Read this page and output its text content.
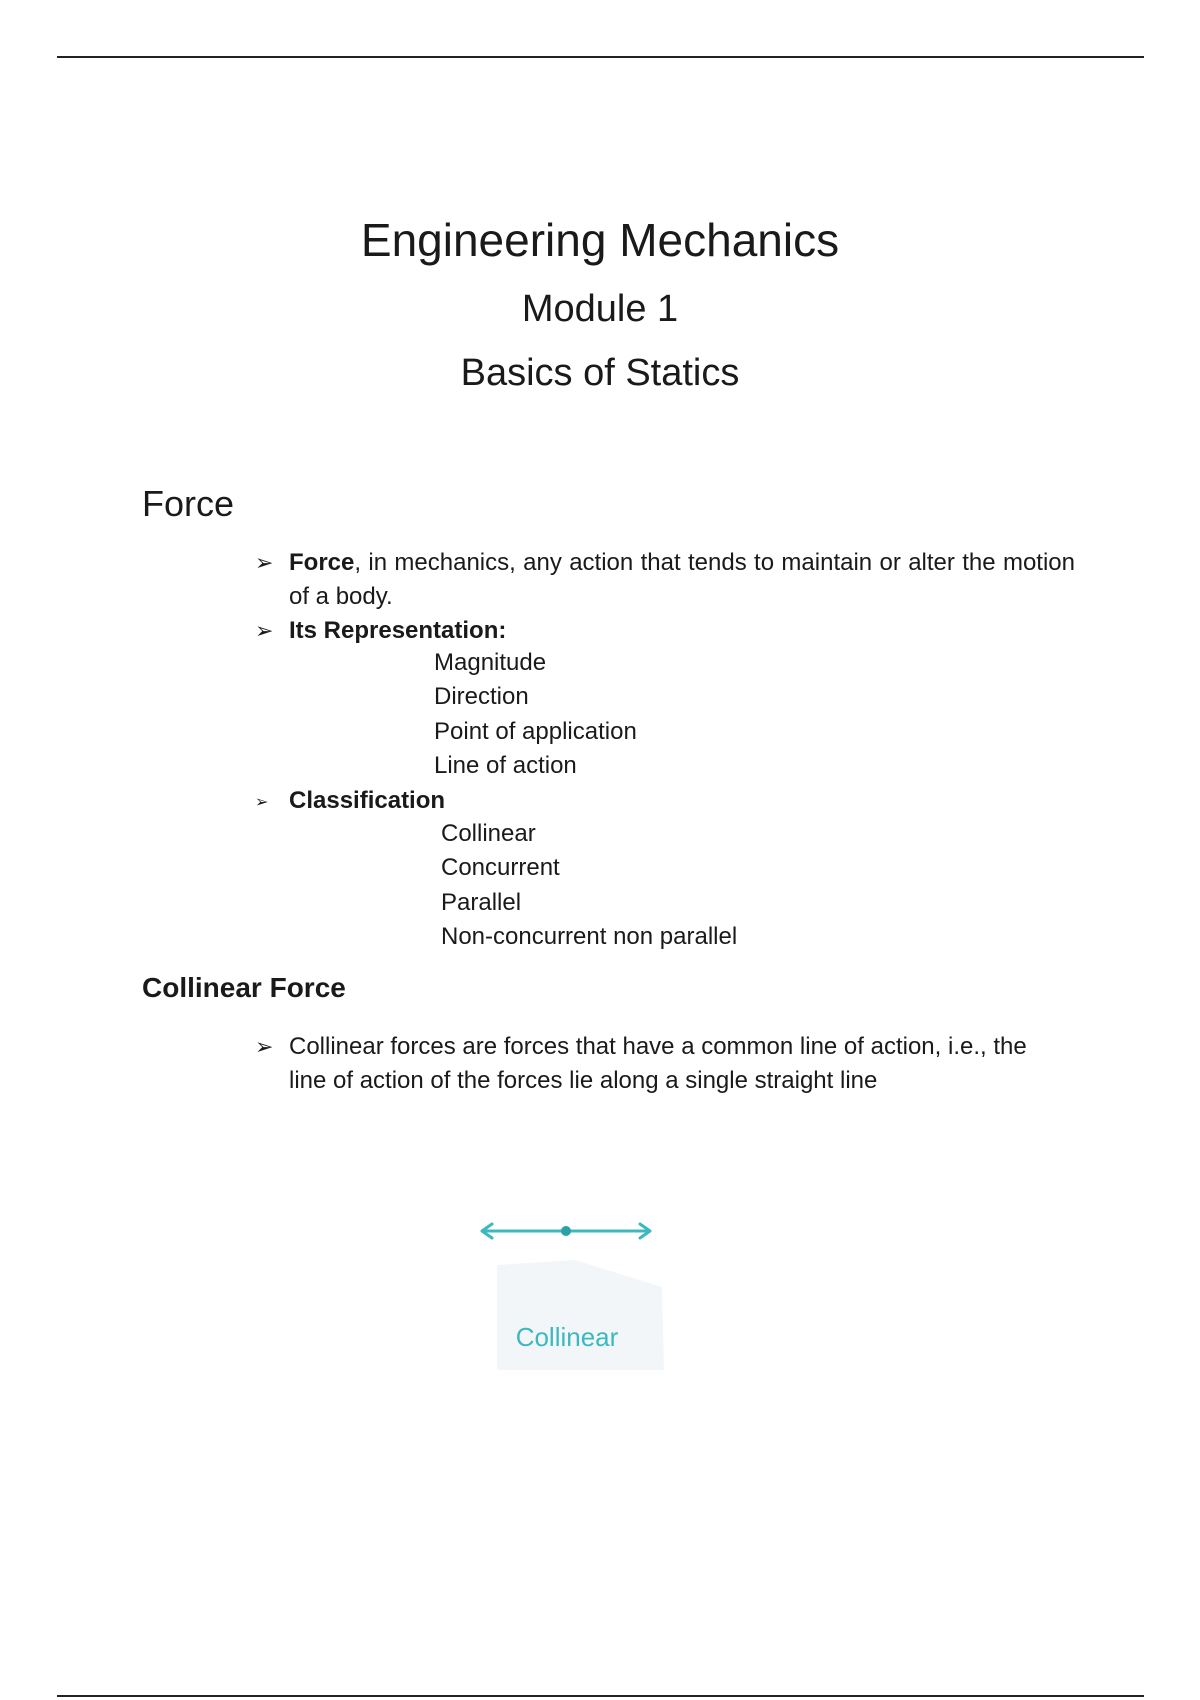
Engineering Mechanics
Module 1
Basics of Statics
Force
➢ Force, in mechanics, any action that tends to maintain or alter the motion of a body.
➢ Its Representation:
Magnitude
Direction
Point of application
Line of action
➢ Classification
Collinear
Concurrent
Parallel
Non-concurrent non parallel
Collinear Force
➢ Collinear forces are forces that have a common line of action, i.e., the line of action of the forces lie along a single straight line
Collinear
